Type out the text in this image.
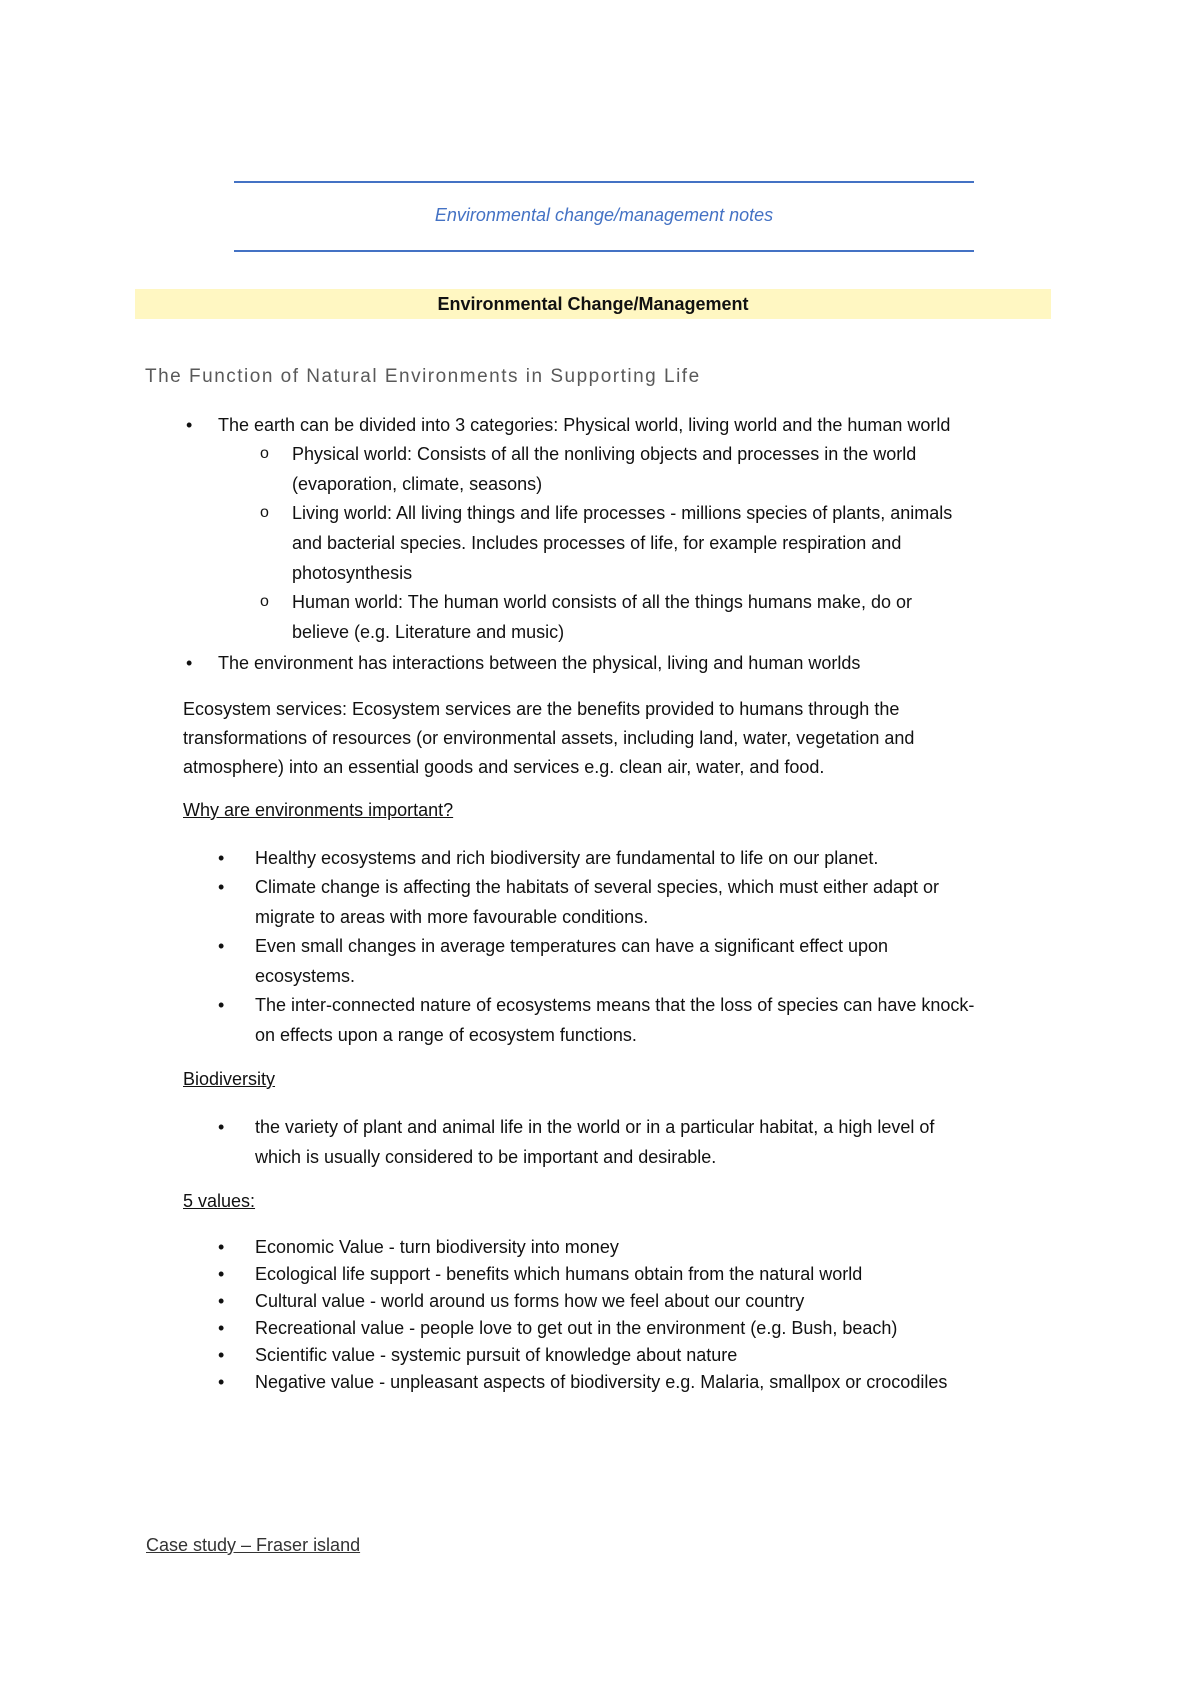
Environmental change/management notes
Environmental Change/Management
The Function of Natural Environments in Supporting Life
• The earth can be divided into 3 categories: Physical world, living world and the human world
o Physical world: Consists of all the nonliving objects and processes in the world
(evaporation, climate, seasons)
o Living world: All living things and life processes - millions species of plants, animals
and bacterial species. Includes processes of life, for example respiration and
photosynthesis
o Human world: The human world consists of all the things humans make, do or
believe (e.g. Literature and music)
• The environment has interactions between the physical, living and human worlds
Ecosystem services: Ecosystem services are the benefits provided to humans through the
transformations of resources (or environmental assets, including land, water, vegetation and
atmosphere) into an essential goods and services e.g. clean air, water, and food.
Why are environments important?
• Healthy ecosystems and rich biodiversity are fundamental to life on our planet.
• Climate change is affecting the habitats of several species, which must either adapt or
migrate to areas with more favourable conditions.
• Even small changes in average temperatures can have a significant effect upon
ecosystems.
• The inter-connected nature of ecosystems means that the loss of species can have knock-
on effects upon a range of ecosystem functions.
Biodiversity
• the variety of plant and animal life in the world or in a particular habitat, a high level of
which is usually considered to be important and desirable.
5 values:
• Economic Value - turn biodiversity into money
• Ecological life support - benefits which humans obtain from the natural world
• Cultural value - world around us forms how we feel about our country
• Recreational value - people love to get out in the environment (e.g. Bush, beach)
• Scientific value - systemic pursuit of knowledge about nature
• Negative value - unpleasant aspects of biodiversity e.g. Malaria, smallpox or crocodiles
Case study – Fraser island
